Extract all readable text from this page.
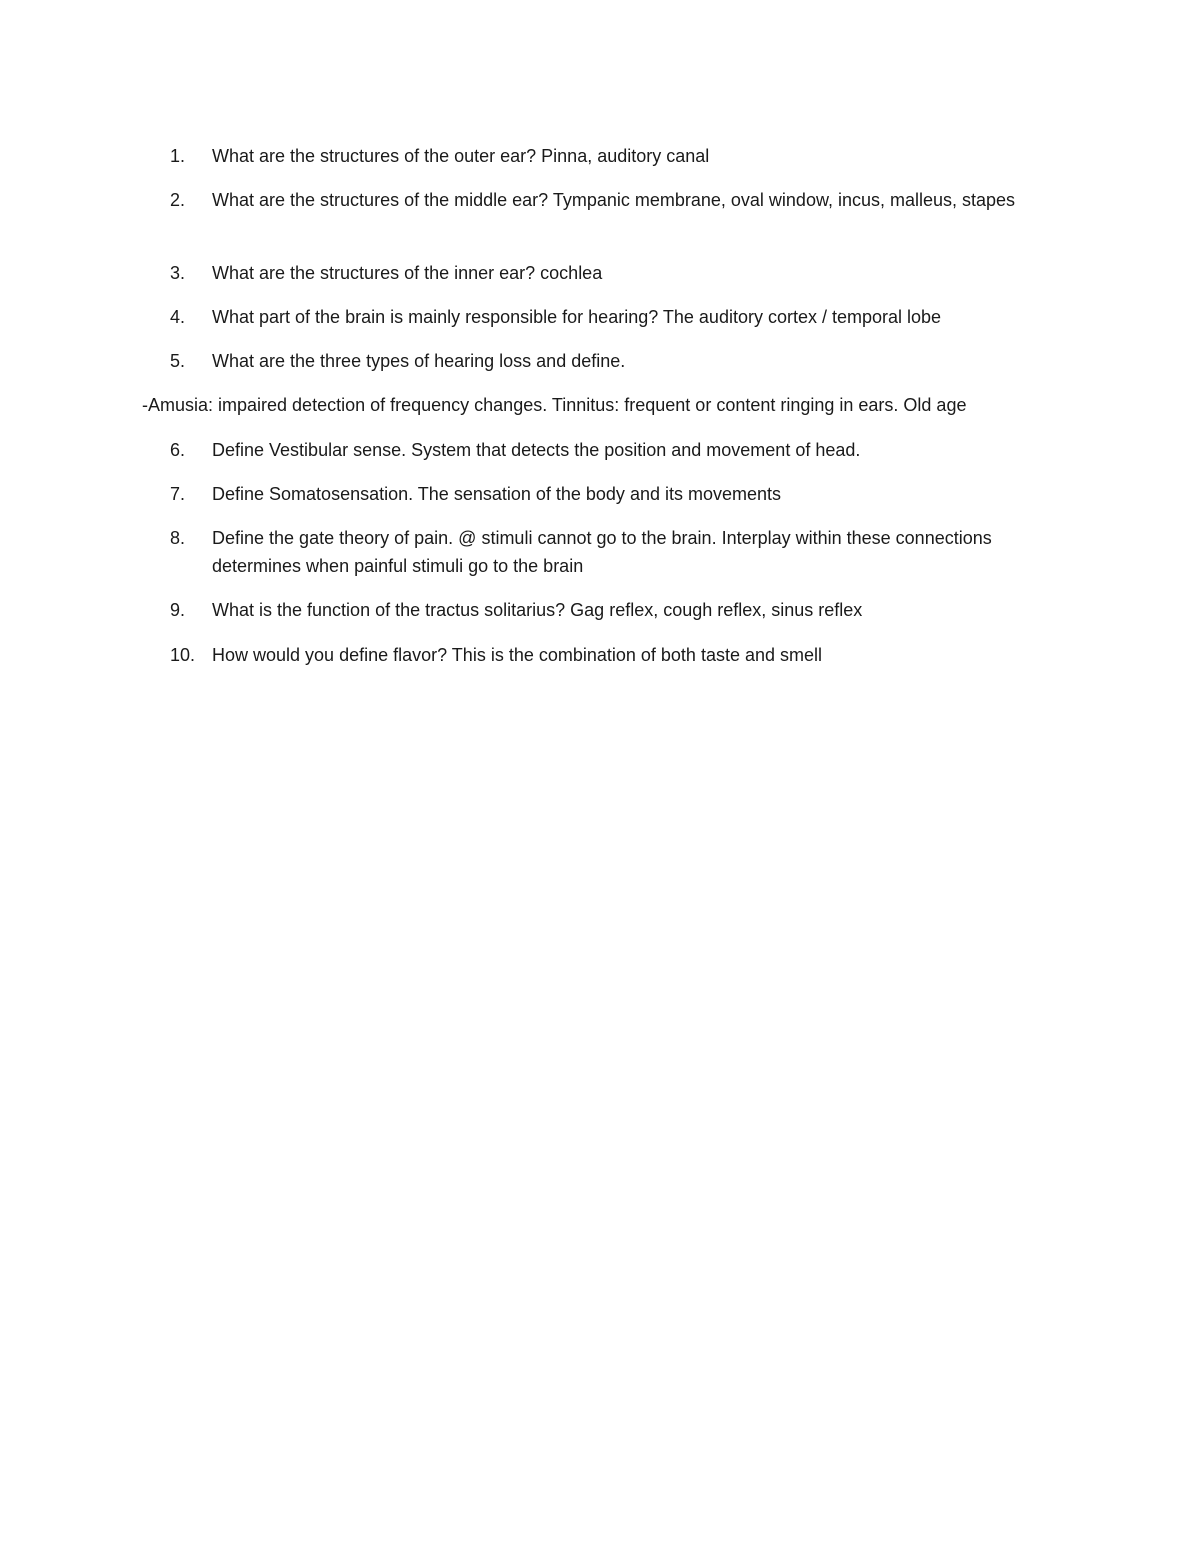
1.	What are the structures of the outer ear? Pinna, auditory canal
2.	What are the structures of the middle ear? Tympanic membrane, oval window, incus, malleus, stapes
3.	What are the structures of the inner ear? cochlea
4.	What part of the brain is mainly responsible for hearing? The auditory cortex / temporal lobe
5.	What are the three types of hearing loss and define.
-Amusia: impaired detection of frequency changes. Tinnitus: frequent or content ringing in ears. Old age
6.	Define Vestibular sense. System that detects the position and movement of head.
7.	Define Somatosensation. The sensation of the body and its movements
8.	Define the gate theory of pain. @ stimuli cannot go to the brain. Interplay within these connections determines when painful stimuli go to the brain
9.	What is the function of the tractus solitarius? Gag reflex, cough reflex, sinus reflex
10. How would you define flavor? This is the combination of both taste and smell
